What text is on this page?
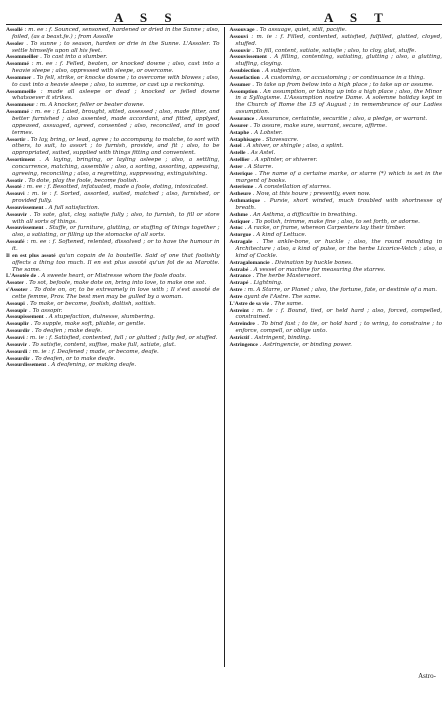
A S S	A S T

Assollé : m. ee : f. Sounced, sensoned, hardened or dried in the Sunne ; also, foiled, (as a beast.fe.) ; from Assolle

Assoler . To sunne ; to season, harden or drie in the Sunne. L'Assoler. To settle himselfe upon all his feet.

Assommeiller . To cast into a slumber.

Assommé : m. ee : f. Felled, beaten, or knocked downe ; also, cast into a heavie sleepe ; also, oppressed with sleepe, or overcome.

Assommer . To fell, strike, or knocke downe ; to overcome with blowes ; also, to cast into a heavie sleepe ; also, to summe, or cast up a reckoning.

Assommeille : made all asleepe or dead ; knocked or felled downe whatsoever it strikes.

Assommeur : m. A knocker, feller or beater downe.

Assommé : m. ee : f. Laied, brought, sitted, assessed ; also, made fitter, and better furnished ; also assented, made accordant, and fitted, applyed, appeased, assuaged, agreed, consented ; also, reconciled, and in good termes.

Assortir . To lay, bring, or lead, agree ; to accompany, to matche, to sort with others, to suit, to assort ; to furnish, provide, and fit ; also, to be appropriated, suited, supplied with things fitting and convenient.

Assortiment . A laying, bringing, or layling asleepe ; also, a settling, concurrence, matching, assemblie ; also, a sorting, assorting, appeasing, agreeing, reconciling ; also, a regretting, suppressing, extinguishing.

Assotir . To dote, play the foole, become foolish.

Assoté : m. ee : f. Besotted, infatuated, made a foole, doting, intoxicated.

Assouvi : m. ie : f. Sorted, assorted, suited, matched ; also, furnished, or provided fully.

Assouvissement . A full satisfaction.

Assouvir . To sate, glut, cloy, satisfie fully ; also, to furnish, to fill or store with all sorts of things.

Assouvissement . Stuffe, or furniture, glutting, or stuffing of things together ; also, a satiating, or filling up the stomacke of all sorts.

Assoufé : m. ee : f. Softened, relented, dissolved ; or to have the humour in it.

Il en est plus assoté qu'un copain de la bouteille. Said of one that foolishly affects a thing too much. Il en est plus assoté qu'un fol de sa Marotte. The same.

L'Assotée de . A sweete heart, or Mistresse whom the foole doats.

Assoter . To sot, befoole, make dote on, bring into love, to make one sot.

s'Assoter . To dote on, or, to be extreamely in love with ; Il s'est assoté de cette femme, Prov. The best men may be gulled by a woman.

Assoupi . To make, or become, foolish, doltish, sottish.

Assoupir . To assopir.

Assoupissement . A stupefaction, dulnesse, slumbering.

Assouplir . To supple, make soft, pliable, or gentle.

Assourdir . To deafen ; make deafe.

Assouvi : m. ie : f. Satisfied, contented, full ; or glutted ; fully fed, or stuffed.

Assouvir . To satisfie, content, suffise, make full, satiate, glut.

Assourdi : m. ie : f. Deafened ; made, or become, deafe.

Assourdir . To deafen, or to make deafe.

Assourdissement . A deafening, or making deafe.

Assouvage . To assuage, quiet, still, pacifie.

Assouvi : m. ie : f. Filled, contented, satisfied, fulfilled, glutted, cloyed, stuffed.

Assouvir . To fill, content, satiate, satisfie ; also, to cloy, glut, stuffe.

Assouvissement . A filling, contenting, satiating, glutting ; also, a glutting, stuffing, cloying.

Assubiection . A subjection.

Assuefaction . A customing, or accustoming ; or continuance in a thing.

Assumer . To take up from below into a high place ; to take up or assume.

Assomption . An assumption, or taking up into a high place ; also, the Minor in a Syllogisme. L'Assumption nostre Dame. A solemne holiday kept in the Church of Rome the 15 of August ; in remembrance of our Ladies assumption.

Assurance . Assurance, certaintie, securitie ; also, a pledge, or warrant.

Assurer . To assure, make sure, warrant, secure, affirme.

Astaphe . A Lobster.

Astaphisagre . Stavesacre.

Astel . A shiver, or shingle ; also, a splint.

Astelle . As Astel.

Astellier . A splinter, or shiverer.

Aster . A Starre.

Asterique . The name of a certaine marke, or starre (*) which is set in the margent of books.

Asterisme . A constellation of starres.

Astheure . Now, at this houre ; presently, even now.

Asthmatique . Pursie, short winded, much troubled with shortnesse of breath.

Asthme . An Asthma, a difficultie in breathing.

Astiquer . To polish, trimme, make fine ; also, to set forth, or adorne.

Astoc . A racke, or frame, whereon Carpenters lay their timber.

Astorgue . A kind of Lettuce.

Astragale . The ankle-bone, or huckle ; also, the round moulding in Architecture ; also, a kind of pulse, or the herbe Licorice-Vetch ; also, a kind of Cockle.

Astragalomancie . Divination by huckle bones.

Astrabé . A vessel or machine for measuring the starres.

Astrance . The herbe Masterwort.

Astrapé . Lightning.

Astre : m. A Starre, or Planet ; also, the fortune, fate, or destinie of a man.

Astre ayant de l'Astre. The same.

L'Astre de sa vie . The same.

Astreint : m. te : f. Bound, tied, or held hard ; also, forced, compelled, constrained.

Astreindre . To bind fast ; to tie, or hold hard ; to wring, to constraine ; to enforce, compell, or oblige unto.

Astrictif . Astringent, binding.

Astringence . Astringencie, or binding power.

Astro-
